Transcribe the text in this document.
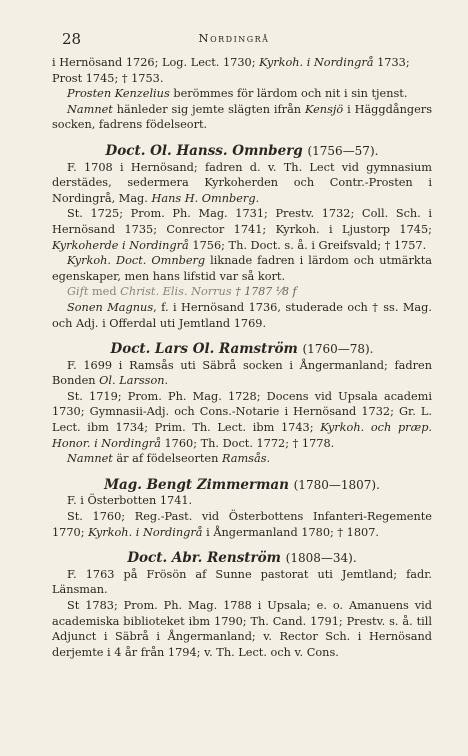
28	Nordingrå

i Hernösand 1726; Log. Lect. 1730; Kyrkoh. i Nordingrå 1733;

Prost 1745; † 1753.

Prosten Kenzelius berömmes för lärdom och nit i sin tjenst.

Namnet hänleder sig jemte slägten ifrån Kensjö i Häggdångers socken, fadrens födelseort.

Doct. Ol. Hanss. Omnberg (1756—57).

F. 1708 i Hernösand; fadren d. v. Th. Lect vid gymnasium derstädes, sedermera Kyrkoherden och Contr.-Prosten i Nordingrå, Mag. Hans H. Omnberg.

St. 1725; Prom. Ph. Mag. 1731; Prestv. 1732; Coll. Sch. i Hernösand 1735; Conrector 1741; Kyrkoh. i Ljustorp 1745; Kyrkoherde i Nordingrå 1756; Th. Doct. s. å. i Greifsvald; † 1757.

Kyrkoh. Doct. Omnberg liknade fadren i lärdom och utmärkta egenskaper, men hans lifstid var så kort.

Gift med Christ. Elis. Norrus † 1787 ⅟8 f

Sonen Magnus, f. i Hernösand 1736, studerade och † ss. Mag. och Adj. i Offerdal uti Jemtland 1769.

Doct. Lars Ol. Ramström (1760—78).

F. 1699 i Ramsås uti Säbrå socken i Ångermanland; fadren Bonden Ol. Larsson.

St. 1719; Prom. Ph. Mag. 1728; Docens vid Upsala academi 1730; Gymnasii-Adj. och Cons.-Notarie i Hernösand 1732; Gr. L. Lect. ibm 1734; Prim. Th. Lect. ibm 1743; Kyrkoh. och præp. Honor. i Nordingrå 1760; Th. Doct. 1772; † 1778.

Namnet är af födelseorten Ramsås.

Mag. Bengt Zimmerman (1780—1807).

F. i Österbotten 1741.

St. 1760; Reg.-Past. vid Österbottens Infanteri-Regemente 1770; Kyrkoh. i Nordingrå i Ångermanland 1780; † 1807.

Doct. Abr. Renström (1808—34).

F. 1763 på Frösön af Sunne pastorat uti Jemtland; fadr. Länsman.

St 1783; Prom. Ph. Mag. 1788 i Upsala; e. o. Amanuens vid academiska biblioteket ibm 1790; Th. Cand. 1791; Prestv. s. å. till Adjunct i Säbrå i Ångermanland; v. Rector Sch. i Hernösand derjemte i 4 år från 1794; v. Th. Lect. och v. Cons.
